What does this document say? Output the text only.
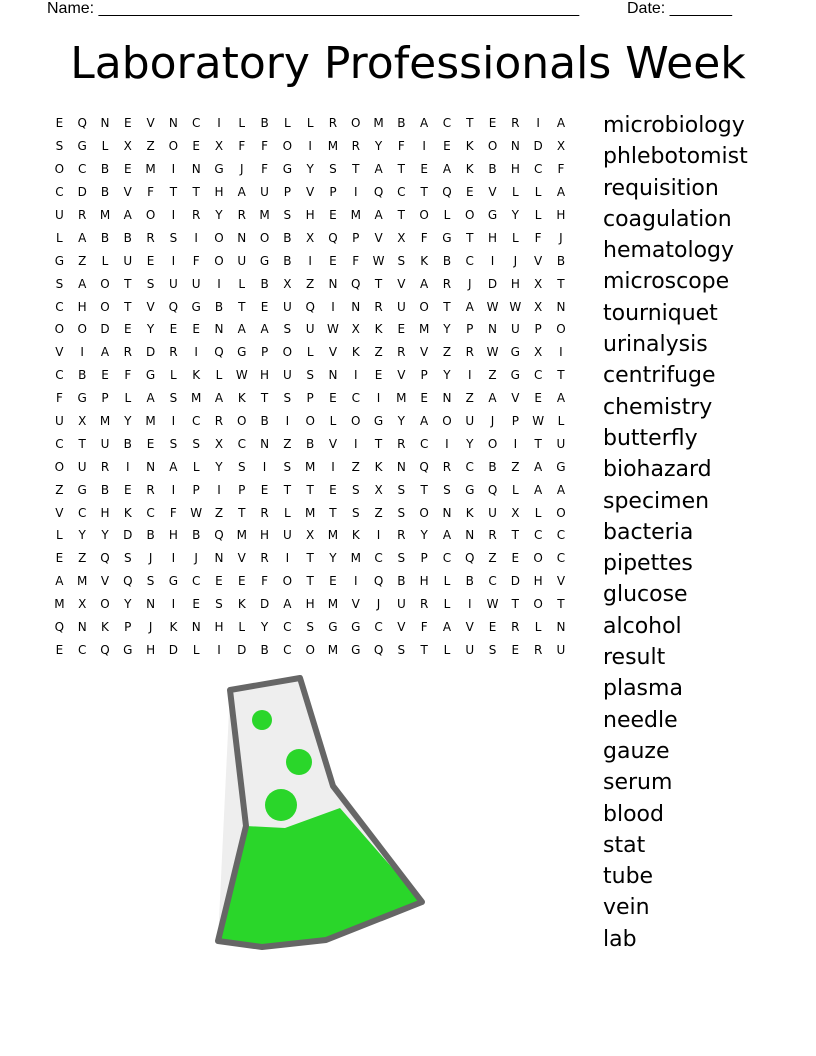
Name: ______________________________________________________	Date: _______
Laboratory Professionals Week
E	Q	N	E	V	N	C	I	L	B	L	L	R	O	M	B	A	C	T	E	R	I	A
S	G	L	X	Z	O	E	X	F	F	O	I	M	R	Y	F	I	E	K	O	N	D	X
O	C	B	E	M	I	N	G	J	F	G	Y	S	T	A	T	E	A	K	B	H	C	F
C	D	B	V	F	T	T	H	A	U	P	V	P	I	Q	C	T	Q	E	V	L	L	A
U	R	M	A	O	I	R	Y	R	M	S	H	E	M	A	T	O	L	O	G	Y	L	H
L	A	B	B	R	S	I	O	N	O	B	X	Q	P	V	X	F	G	T	H	L	F	J
G	Z	L	U	E	I	F	O	U	G	B	I	E	F	W	S	K	B	C	I	J	V	B
S	A	O	T	S	U	U	I	L	B	X	Z	N	Q	T	V	A	R	J	D	H	X	T
C	H	O	T	V	Q	G	B	T	E	U	Q	I	N	R	U	O	T	A	W W	X	N
O	O	D	E	Y	E	E	N	A	A	S	U	W	X	K	E	M	Y	P	N	U	P	O
V	I	A	R	D	R	I	Q	G	P	O	L	V	K	Z	R	V	Z	R	W	G	X	I
C	B	E	F	G	L	K	L	W	H	U	S	N	I	E	V	P	Y	I	Z	G	C	T
F	G	P	L	A	S	M	A	K	T	S	P	E	C	I	M	E	N	Z	A	V	E	A
U	X	M	Y	M	I	C	R	O	B	I	O	L	O	G	Y	A	O	U	J	P	W	L
C	T	U	B	E	S	S	X	C	N	Z	B	V	I	T	R	C	I	Y	O	I	T	U
O	U	R	I	N	A	L	Y	S	I	S	M	I	Z	K	N	Q	R	C	B	Z	A	G
Z	G	B	E	R	I	P	I	P	E	T	T	E	S	X	S	T	S	G	Q	L	A	A
V	C	H	K	C	F	W	Z	T	R	L	M	T	S	Z	S	O	N	K	U	X	L	O
L	Y	Y	D	B	H	B	Q	M	H	U	X	M	K	I	R	Y	A	N	R	T	C	C
E	Z	Q	S	J	I	J	N	V	R	I	T	Y	M	C	S	P	C	Q	Z	E	O	C
A	M	V	Q	S	G	C	E	E	F	O	T	E	I	Q	B	H	L	B	C	D	H	V
M	X	O	Y	N	I	E	S	K	D	A	H	M	V	J	U	R	L	I	W	T	O	T
Q	N	K	P	J	K	N	H	L	Y	C	S	G	G	C	V	F	A	V	E	R	L	N
E	C	Q	G	H	D	L	I	D	B	C	O	M	G	Q	S	T	L	U	S	E	R	U
microbiology
phlebotomist
requisition
coagulation
hematology
microscope
tourniquet
urinalysis
centrifuge
chemistry
butterfly
biohazard
specimen
bacteria
pipettes
glucose
alcohol
result
plasma
needle
gauze
serum
blood
stat
tube
vein
lab
